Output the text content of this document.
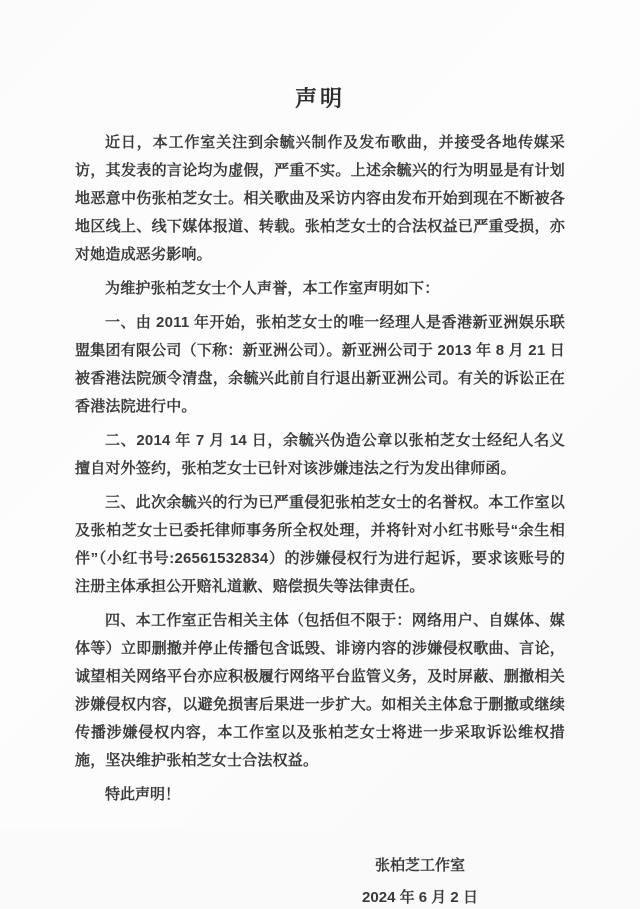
声明

近日，本工作室关注到余毓兴制作及发布歌曲，并接受各地传媒采访，其发表的言论均为虚假，严重不实。上述余毓兴的行为明显是有计划地恶意中伤张柏芝女士。相关歌曲及采访内容由发布开始到现在不断被各地区线上、线下媒体报道、转载。张柏芝女士的合法权益已严重受损，亦对她造成恶劣影响。

为维护张柏芝女士个人声誉，本工作室声明如下：

一、由 2011 年开始，张柏芝女士的唯一经理人是香港新亚洲娱乐联盟集团有限公司（下称：新亚洲公司）。新亚洲公司于 2013 年 8 月 21 日被香港法院颁令清盘，余毓兴此前自行退出新亚洲公司。有关的诉讼正在香港法院进行中。

二、2014 年 7 月 14 日，余毓兴伪造公章以张柏芝女士经纪人名义擅自对外签约，张柏芝女士已针对该涉嫌违法之行为发出律师函。

三、此次余毓兴的行为已严重侵犯张柏芝女士的名誉权。本工作室以及张柏芝女士已委托律师事务所全权处理，并将针对小红书账号“余生相伴”（小红书号:26561532834）的涉嫌侵权行为进行起诉，要求该账号的注册主体承担公开赔礼道歉、赔偿损失等法律责任。

四、本工作室正告相关主体（包括但不限于：网络用户、自媒体、媒体等）立即删撤并停止传播包含诋毁、诽谤内容的涉嫌侵权歌曲、言论，诚望相关网络平台亦应积极履行网络平台监管义务，及时屏蔽、删撤相关涉嫌侵权内容，以避免损害后果进一步扩大。如相关主体怠于删撤或继续传播涉嫌侵权内容，本工作室以及张柏芝女士将进一步采取诉讼维权措施，坚决维护张柏芝女士合法权益。

特此声明！

张柏芝工作室
2024 年 6 月 2 日
